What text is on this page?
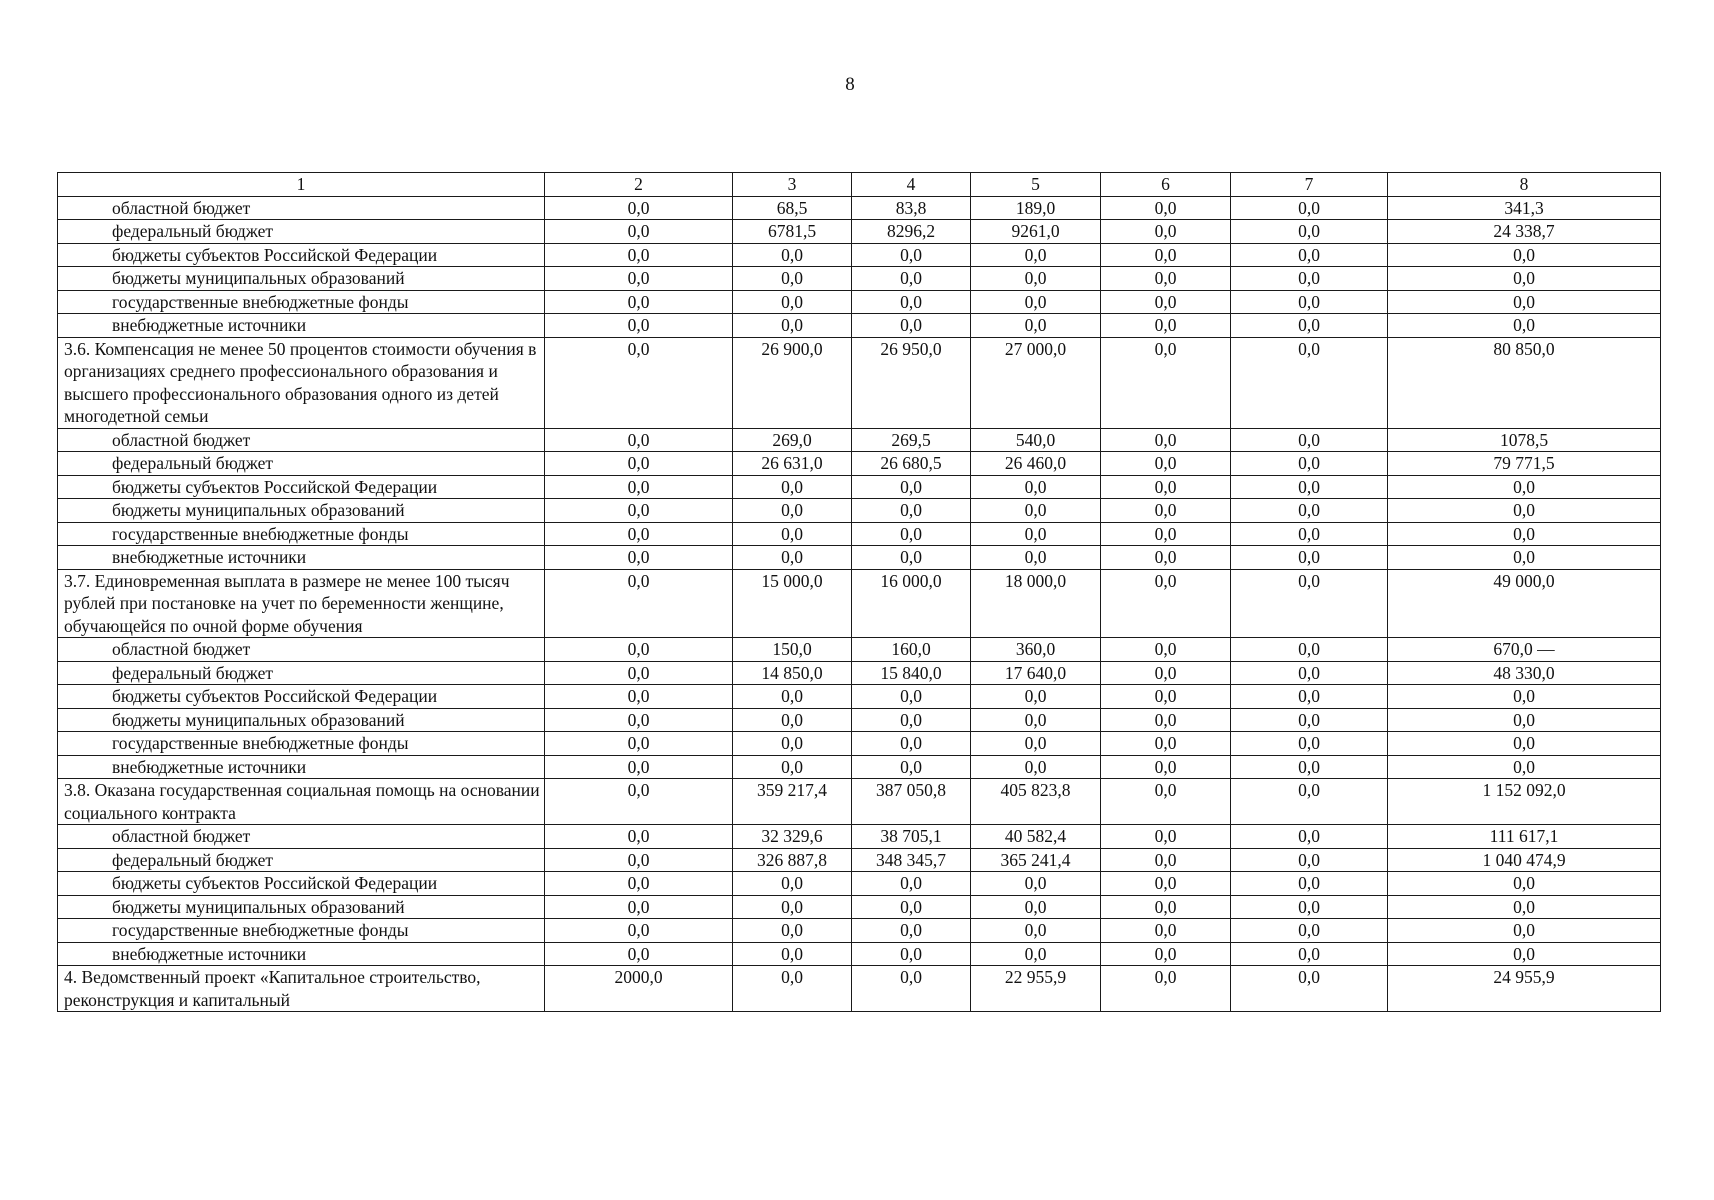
8
1	2	3	4	5	6	7	8
областной бюджет	0,0	68,5	83,8	189,0	0,0	0,0	341,3
федеральный бюджет	0,0	6781,5	8296,2	9261,0	0,0	0,0	24 338,7
бюджеты субъектов Российской Федерации	0,0	0,0	0,0	0,0	0,0	0,0	0,0
бюджеты муниципальных образований	0,0	0,0	0,0	0,0	0,0	0,0	0,0
государственные внебюджетные фонды	0,0	0,0	0,0	0,0	0,0	0,0	0,0
внебюджетные источники	0,0	0,0	0,0	0,0	0,0	0,0	0,0
3.6. Компенсация не менее 50 процентов стоимости обучения в организациях среднего профессионального образования и высшего профессионального образования одного из детей многодетной семьи	0,0	26 900,0	26 950,0	27 000,0	0,0	0,0	80 850,0
областной бюджет	0,0	269,0	269,5	540,0	0,0	0,0	1078,5
федеральный бюджет	0,0	26 631,0	26 680,5	26 460,0	0,0	0,0	79 771,5
бюджеты субъектов Российской Федерации	0,0	0,0	0,0	0,0	0,0	0,0	0,0
бюджеты муниципальных образований	0,0	0,0	0,0	0,0	0,0	0,0	0,0
государственные внебюджетные фонды	0,0	0,0	0,0	0,0	0,0	0,0	0,0
внебюджетные источники	0,0	0,0	0,0	0,0	0,0	0,0	0,0
3.7. Единовременная выплата в размере не менее 100 тысяч рублей при постановке на учет по беременности женщине, обучающейся по очной форме обучения	0,0	15 000,0	16 000,0	18 000,0	0,0	0,0	49 000,0
областной бюджет	0,0	150,0	160,0	360,0	0,0	0,0	670,0 —
федеральный бюджет	0,0	14 850,0	15 840,0	17 640,0	0,0	0,0	48 330,0
бюджеты субъектов Российской Федерации	0,0	0,0	0,0	0,0	0,0	0,0	0,0
бюджеты муниципальных образований	0,0	0,0	0,0	0,0	0,0	0,0	0,0
государственные внебюджетные фонды	0,0	0,0	0,0	0,0	0,0	0,0	0,0
внебюджетные источники	0,0	0,0	0,0	0,0	0,0	0,0	0,0
3.8. Оказана государственная социальная помощь на основании социального контракта	0,0	359 217,4	387 050,8	405 823,8	0,0	0,0	1 152 092,0
областной бюджет	0,0	32 329,6	38 705,1	40 582,4	0,0	0,0	111 617,1
федеральный бюджет	0,0	326 887,8	348 345,7	365 241,4	0,0	0,0	1 040 474,9
бюджеты субъектов Российской Федерации	0,0	0,0	0,0	0,0	0,0	0,0	0,0
бюджеты муниципальных образований	0,0	0,0	0,0	0,0	0,0	0,0	0,0
государственные внебюджетные фонды	0,0	0,0	0,0	0,0	0,0	0,0	0,0
внебюджетные источники	0,0	0,0	0,0	0,0	0,0	0,0	0,0
4. Ведомственный проект «Капитальное строительство, реконструкция и капитальный	2000,0	0,0	0,0	22 955,9	0,0	0,0	24 955,9
